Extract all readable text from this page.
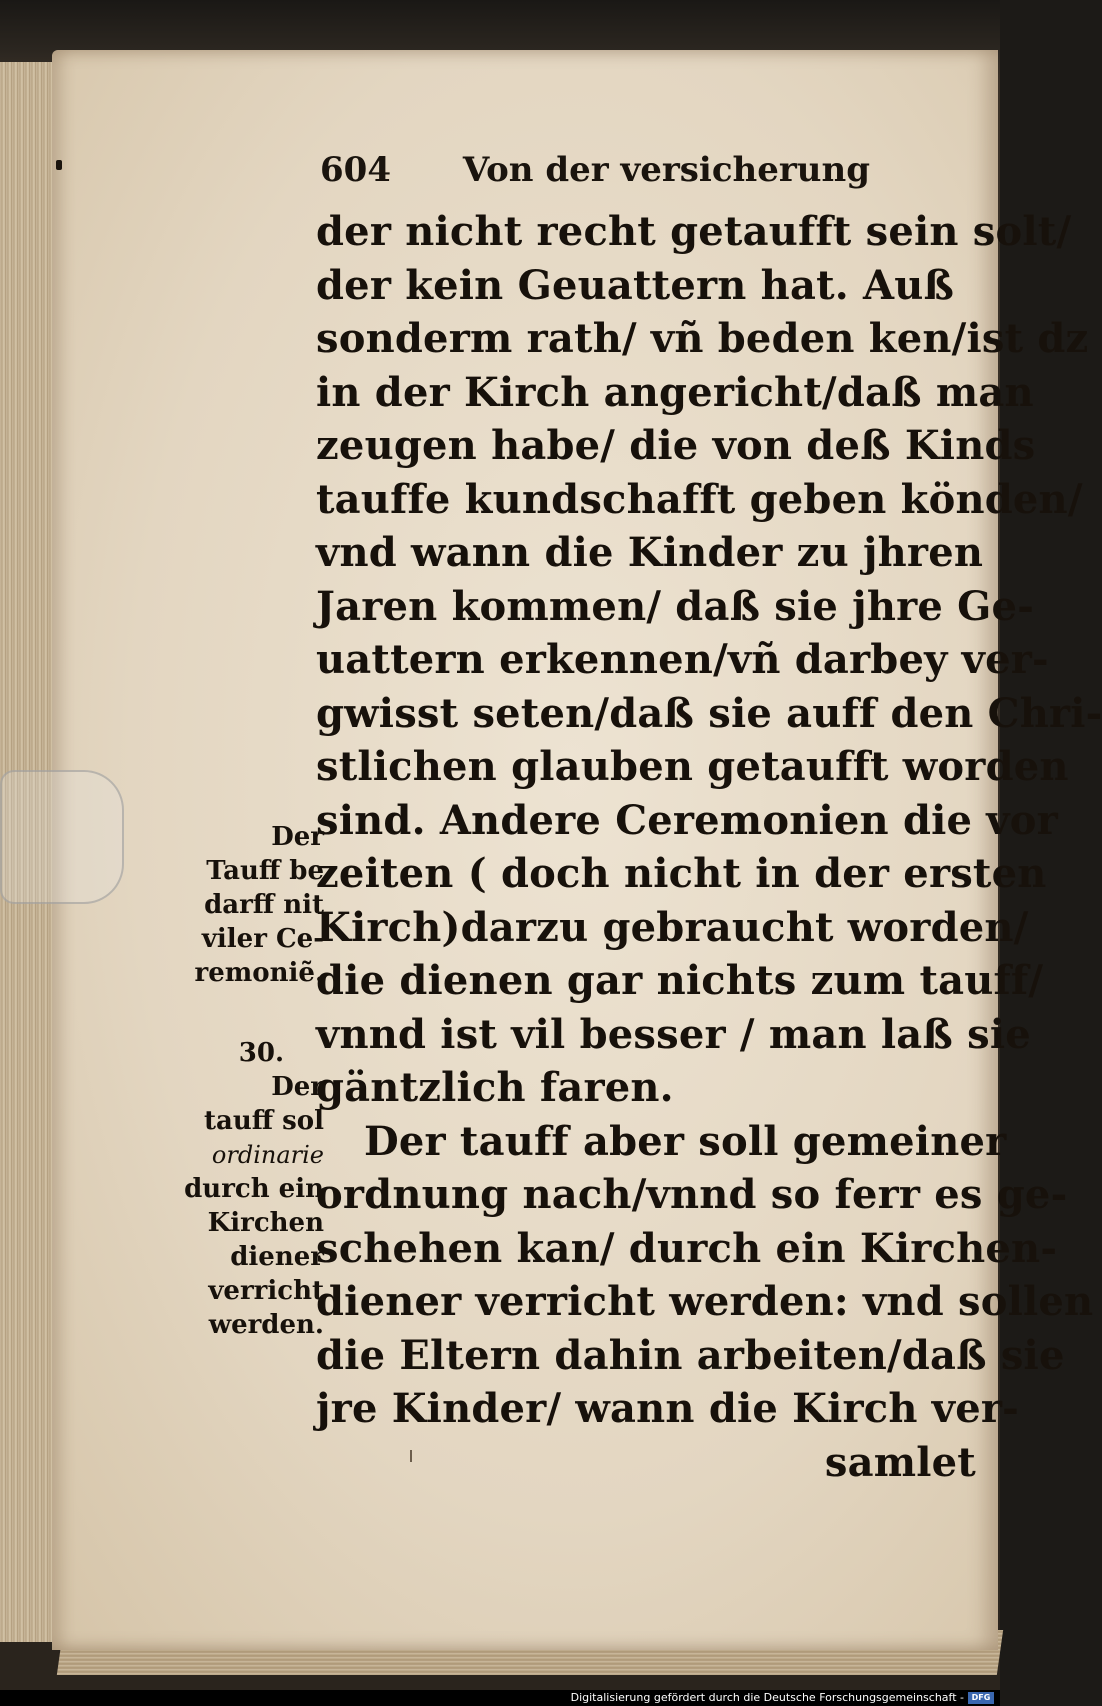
604 Von der versicherung
der nicht recht getaufft sein solt/
der kein Geuattern hat. Auß
sonderm rath/ vñ beden ken/ist dz
in der Kirch angericht/daß man
zeugen habe/ die von deß Kinds
tauffe kundschafft geben könden/
vnd wann die Kinder zu jhren
Jaren kommen/ daß sie jhre Ge-
uattern erkennen/vñ darbey ver-
gwisst seten/daß sie auff den Chri-
stlichen glauben getaufft worden
sind. Andere Ceremonien die vor
zeiten ( doch nicht in der ersten
Kirch)darzu gebraucht worden/
die dienen gar nichts zum tauff/
vnnd ist vil besser / man laß sie
gäntzlich faren.
Der tauff aber soll gemeiner
ordnung nach/vnnd so ferr es ge-
schehen kan/ durch ein Kirchen-
diener verricht werden: vnd sollen
die Eltern dahin arbeiten/daß sie
jre Kinder/ wann die Kirch ver-
samlet
Der
Tauff be
darff nit
viler Ce-
remoniẽ.
30.
Der
tauff sol
ordinarie
durch ein
Kirchen
diener
verricht
werden.
Digitalisierung gefördert durch die Deutsche Forschungsgemeinschaft - DFG
